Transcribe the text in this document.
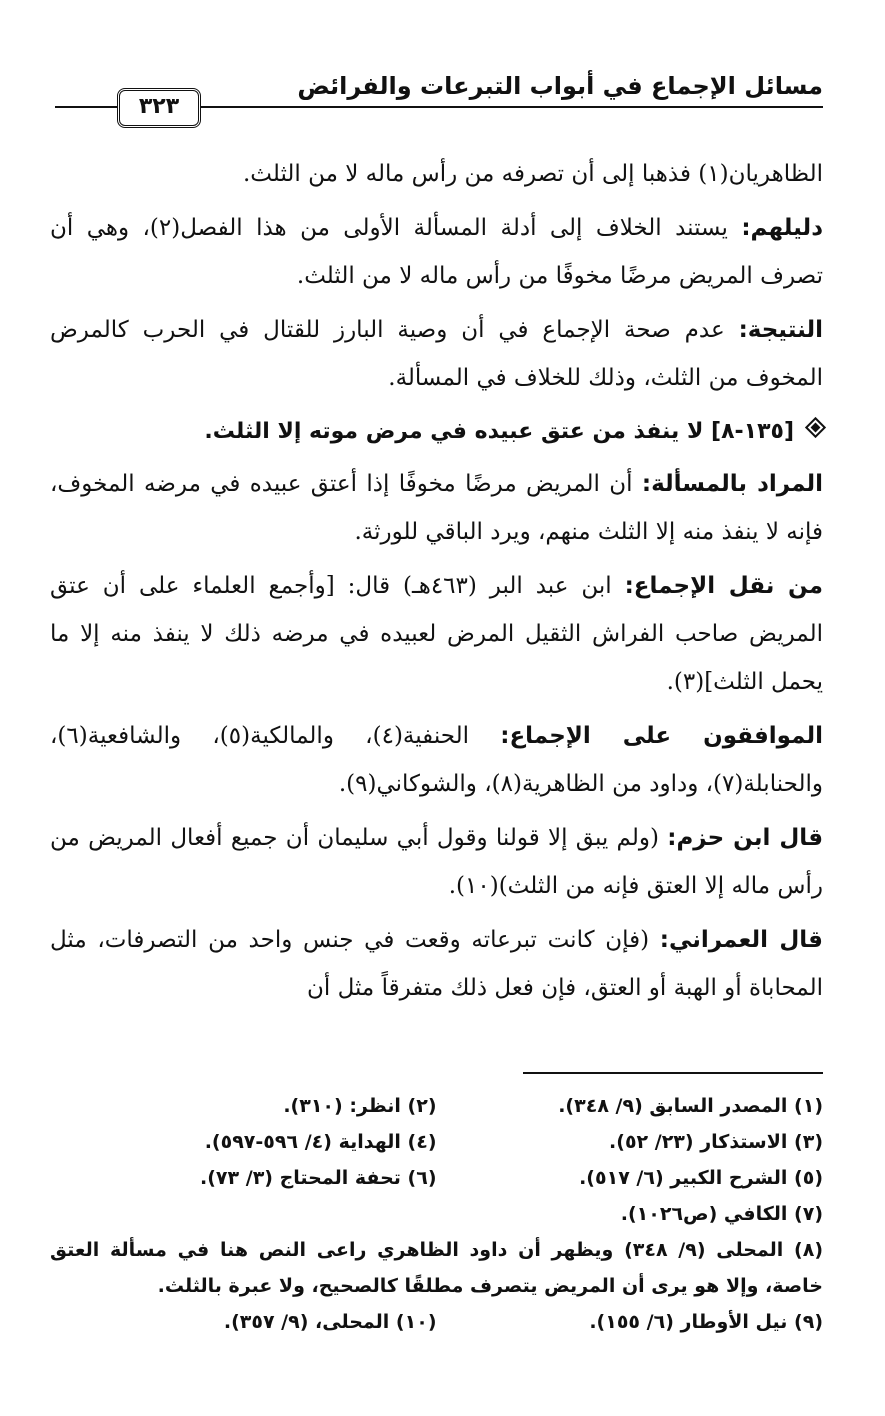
مسائل الإجماع في أبواب التبرعات والفرائض
٣٢٣

الظاهريان(١) فذهبا إلى أن تصرفه من رأس ماله لا من الثلث.

دليلهم: يستند الخلاف إلى أدلة المسألة الأولى من هذا الفصل(٢)، وهي أن تصرف المريض مرضًا مخوفًا من رأس ماله لا من الثلث.

النتيجة: عدم صحة الإجماع في أن وصية البارز للقتال في الحرب كالمرض المخوف من الثلث، وذلك للخلاف في المسألة.

[١٣٥-٨] لا ينفذ من عتق عبيده في مرض موته إلا الثلث.

المراد بالمسألة: أن المريض مرضًا مخوفًا إذا أعتق عبيده في مرضه المخوف، فإنه لا ينفذ منه إلا الثلث منهم، ويرد الباقي للورثة.

من نقل الإجماع: ابن عبد البر (٤٦٣هـ) قال: [وأجمع العلماء على أن عتق المريض صاحب الفراش الثقيل المرض لعبيده في مرضه ذلك لا ينفذ منه إلا ما يحمل الثلث](٣).

الموافقون على الإجماع: الحنفية(٤)، والمالكية(٥)، والشافعية(٦)، والحنابلة(٧)، وداود من الظاهرية(٨)، والشوكاني(٩).

قال ابن حزم: (ولم يبق إلا قولنا وقول أبي سليمان أن جميع أفعال المريض من رأس ماله إلا العتق فإنه من الثلث)(١٠).

قال العمراني: (فإن كانت تبرعاته وقعت في جنس واحد من التصرفات، مثل المحاباة أو الهبة أو العتق، فإن فعل ذلك متفرقاً مثل أن

(١) المصدر السابق (٩/ ٣٤٨).
(٢) انظر: (٣١٠).
(٣) الاستذكار (٢٣/ ٥٢).
(٤) الهداية (٤/ ٥٩٦-٥٩٧).
(٥) الشرح الكبير (٦/ ٥١٧).
(٦) تحفة المحتاج (٣/ ٧٣).
(٧) الكافي (ص١٠٢٦).
(٨) المحلى (٩/ ٣٤٨) ويظهر أن داود الظاهري راعى النص هنا في مسألة العتق خاصة، وإلا هو يرى أن المريض يتصرف مطلقًا كالصحيح، ولا عبرة بالثلث.
(٩) نيل الأوطار (٦/ ١٥٥).
(١٠) المحلى، (٩/ ٣٥٧).
